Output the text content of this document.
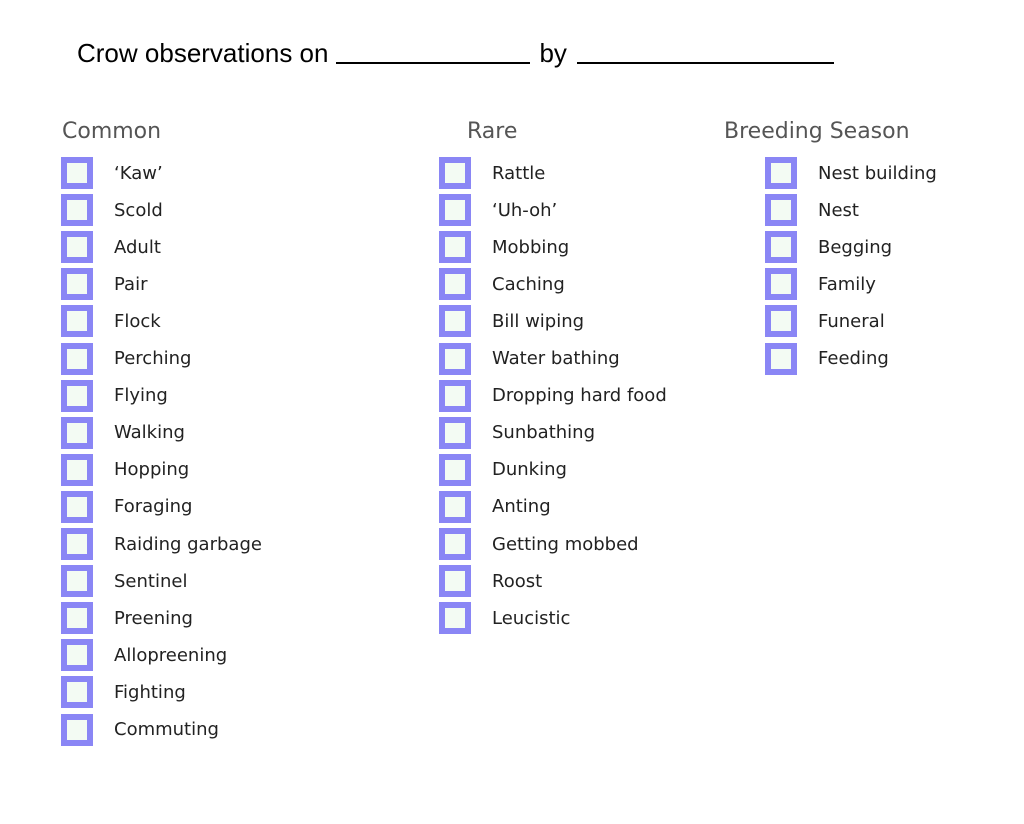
Crow observations on	by
Common
‘Kaw’
Scold
Adult
Pair
Flock
Perching
Flying
Walking
Hopping
Foraging
Raiding garbage
Sentinel
Preening
Allopreening
Fighting
Commuting
Rare
Rattle
‘Uh-oh’
Mobbing
Caching
Bill wiping
Water bathing
Dropping hard food
Sunbathing
Dunking
Anting
Getting mobbed
Roost
Leucistic
Breeding Season
Nest building
Nest
Begging
Family
Funeral
Feeding
